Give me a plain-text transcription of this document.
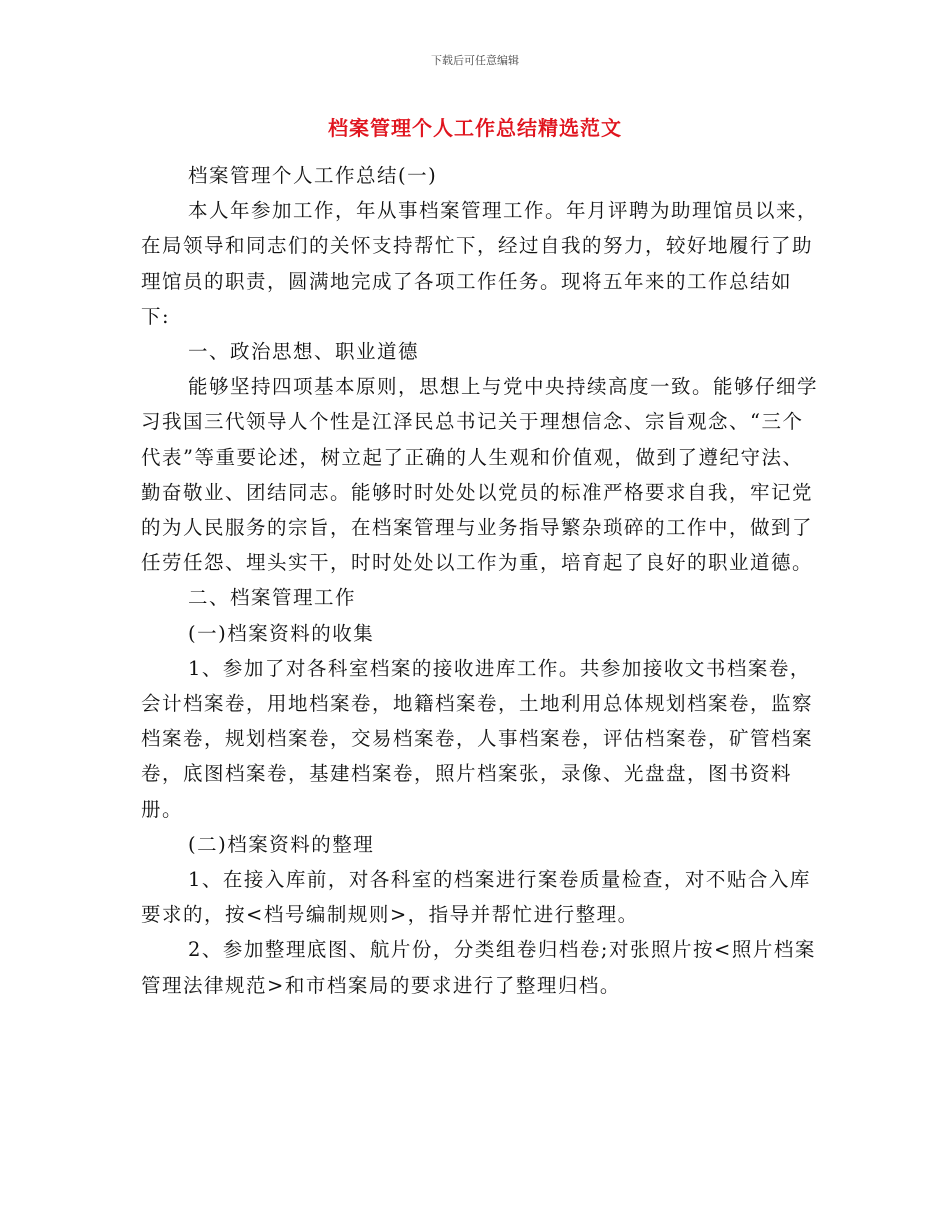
下载后可任意编辑
档案管理个人工作总结精选范文

档案管理个人工作总结(一)

本人年参加工作，年从事档案管理工作。年月评聘为助理馆员以来，在局领导和同志们的关怀支持帮忙下，经过自我的努力，较好地履行了助理馆员的职责，圆满地完成了各项工作任务。现将五年来的工作总结如下:

一、政治思想、职业道德

能够坚持四项基本原则，思想上与党中央持续高度一致。能够仔细学习我国三代领导人个性是江泽民总书记关于理想信念、宗旨观念、“三个代表”等重要论述，树立起了正确的人生观和价值观，做到了遵纪守法、勤奋敬业、团结同志。能够时时处处以党员的标准严格要求自我，牢记党的为人民服务的宗旨，在档案管理与业务指导繁杂琐碎的工作中，做到了任劳任怨、埋头实干，时时处处以工作为重，培育起了良好的职业道德。

二、档案管理工作

(一)档案资料的收集

1、参加了对各科室档案的接收进库工作。共参加接收文书档案卷，会计档案卷，用地档案卷，地籍档案卷，土地利用总体规划档案卷，监察档案卷，规划档案卷，交易档案卷，人事档案卷，评估档案卷，矿管档案卷，底图档案卷，基建档案卷，照片档案张，录像、光盘盘，图书资料册。

(二)档案资料的整理

1、在接入库前，对各科室的档案进行案卷质量检查，对不贴合入库要求的，按<档号编制规则>，指导并帮忙进行整理。

2、参加整理底图、航片份，分类组卷归档卷;对张照片按<照片档案管理法律规范>和市档案局的要求进行了整理归档。
